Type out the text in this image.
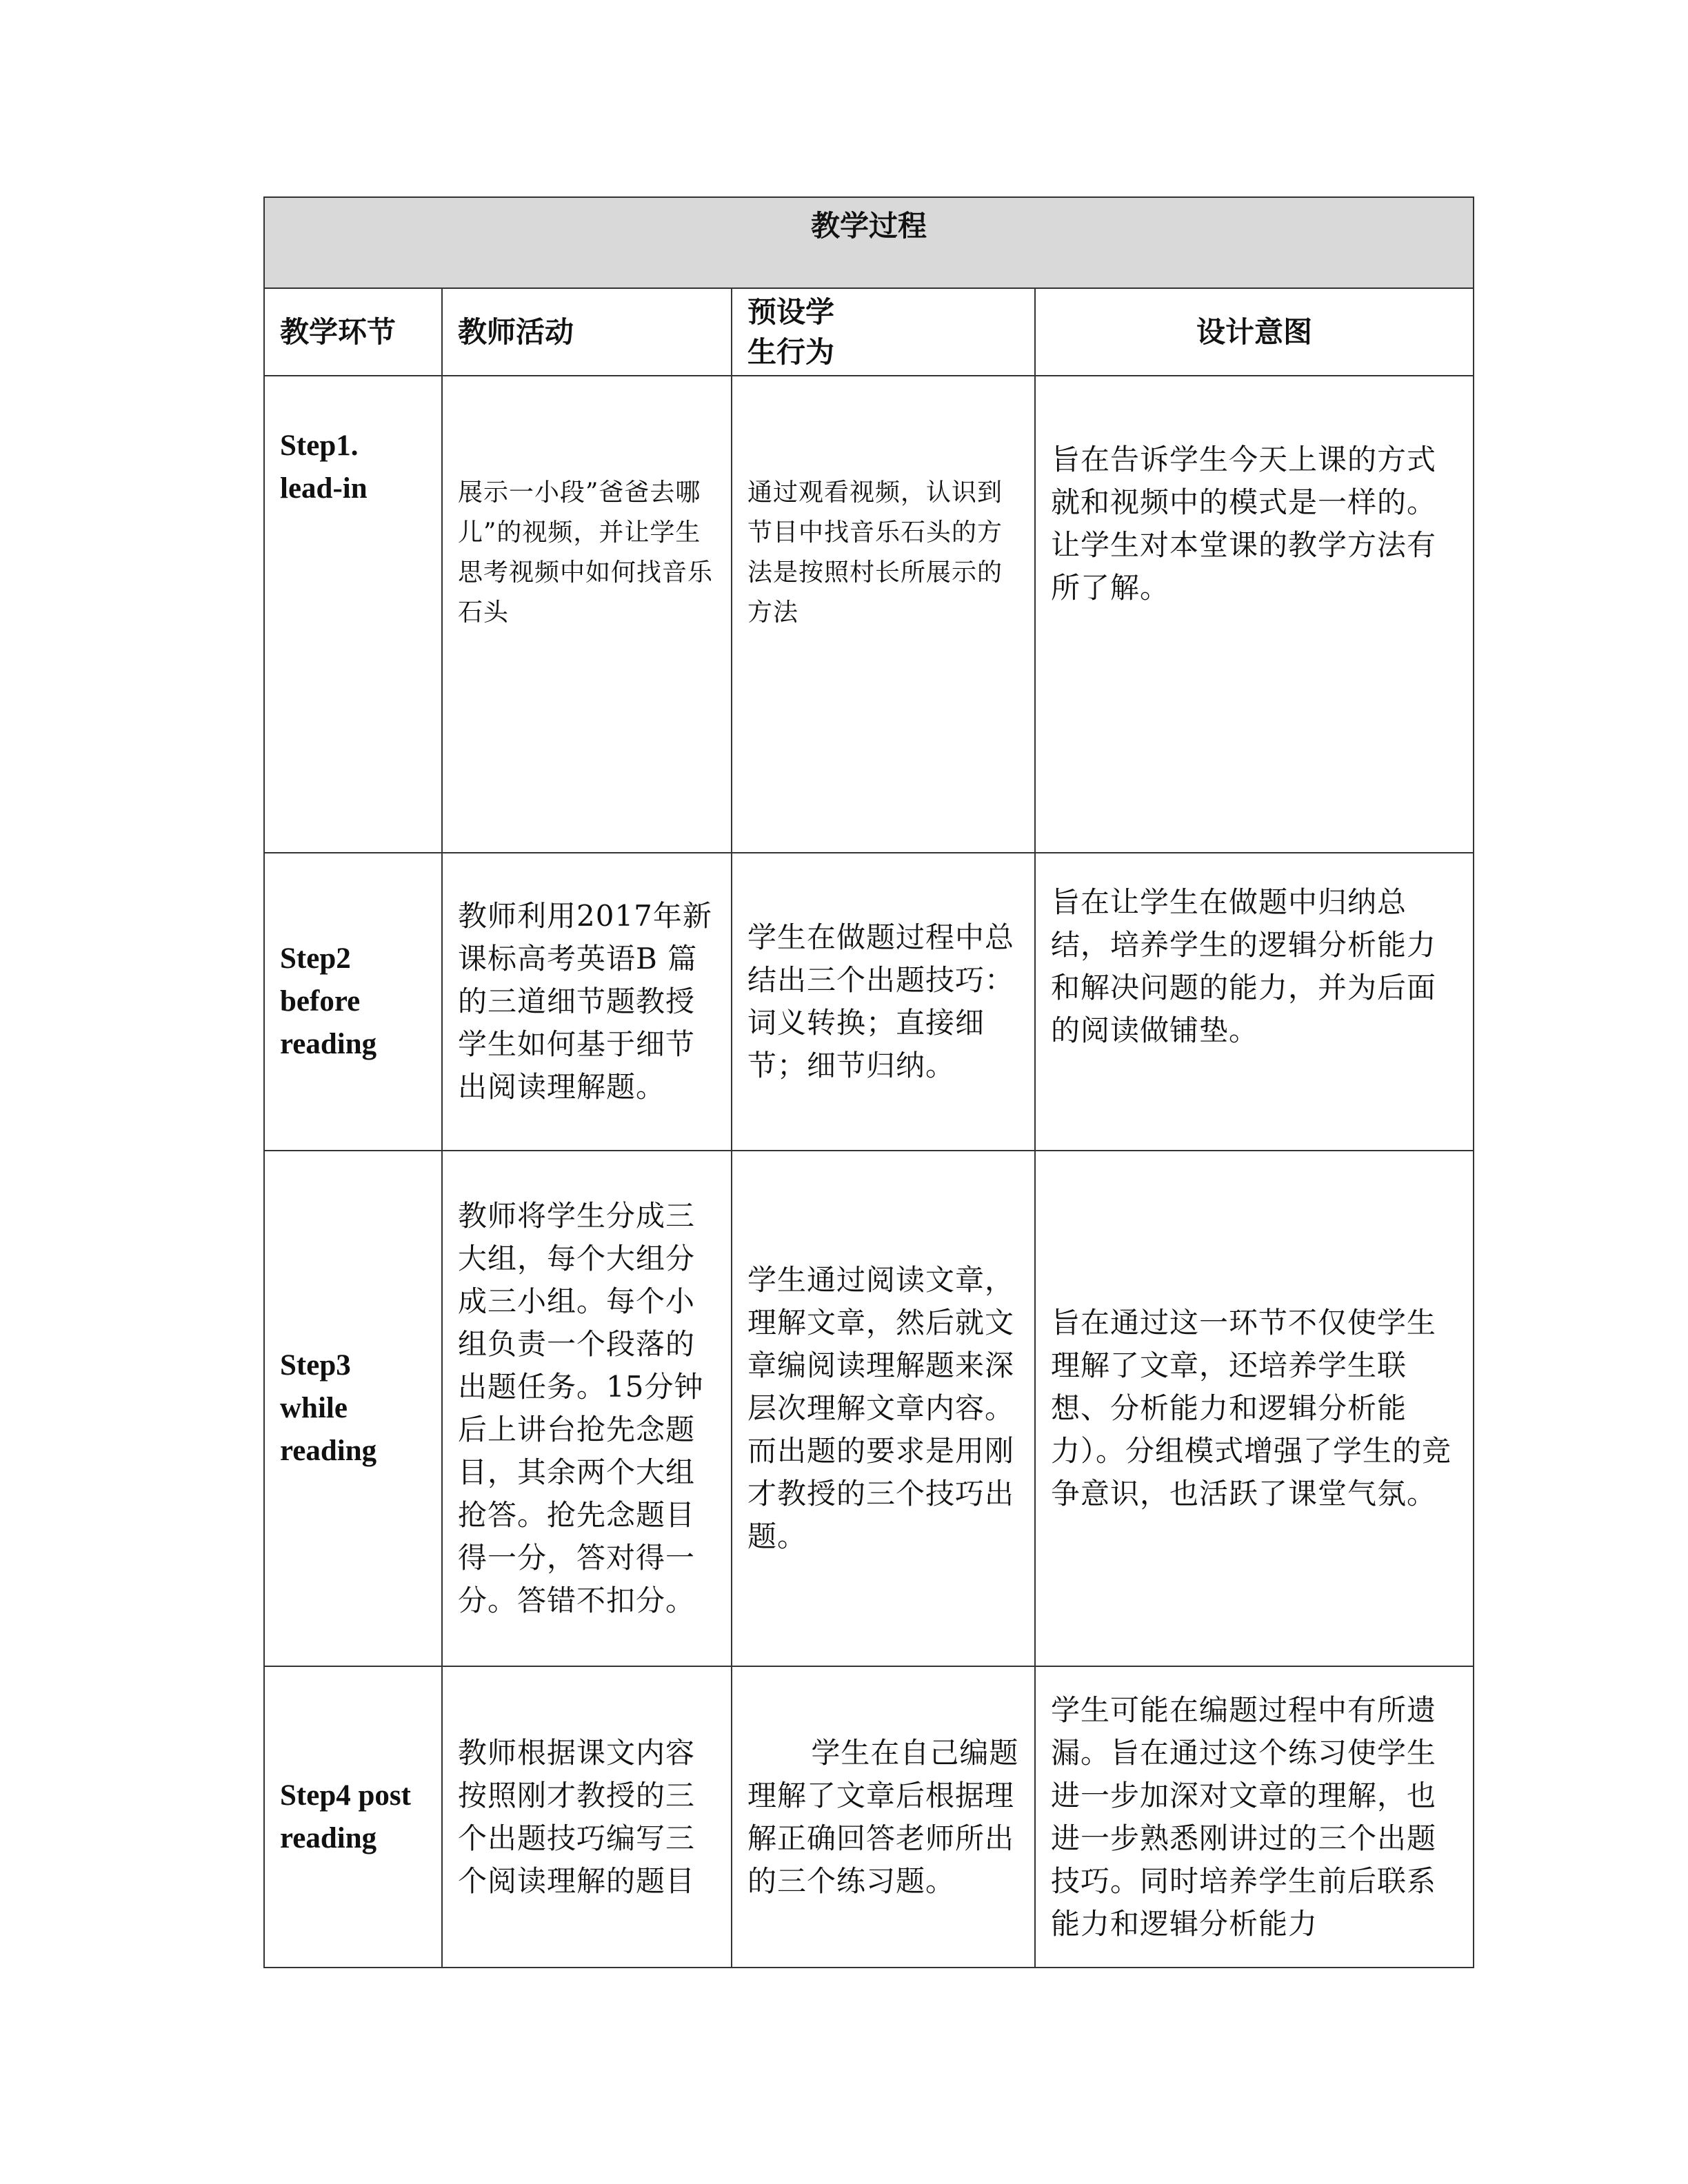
教学过程			
教学环节	教师活动	预设学
生行为	设计意图
Step1.
lead-in	展示一小段”爸爸去哪儿”的视频，并让学生思考视频中如何找音乐石头	通过观看视频，认识到节目中找音乐石头的方法是按照村长所展示的方法	旨在告诉学生今天上课的方式就和视频中的模式是一样的。让学生对本堂课的教学方法有所了解。
Step2
before
reading	教师利用2017年新课标高考英语B 篇的三道细节题教授学生如何基于细节出阅读理解题。	学生在做题过程中总结出三个出题技巧：词义转换；直接细节；细节归纳。	旨在让学生在做题中归纳总结，培养学生的逻辑分析能力和解决问题的能力，并为后面的阅读做铺垫。
Step3
while
reading	教师将学生分成三大组，每个大组分成三小组。每个小组负责一个段落的出题任务。15分钟后上讲台抢先念题目，其余两个大组抢答。抢先念题目得一分，答对得一分。答错不扣分。	学生通过阅读文章，理解文章，然后就文章编阅读理解题来深层次理解文章内容。而出题的要求是用刚才教授的三个技巧出题。	旨在通过这一环节不仅使学生理解了文章，还培养学生联想、分析能力和逻辑分析能力）。分组模式增强了学生的竞争意识，也活跃了课堂气氛。
Step4 post
reading	教师根据课文内容按照刚才教授的三个出题技巧编写三个阅读理解的题目	学生在自己编题理解了文章后根据理解正确回答老师所出的三个练习题。	学生可能在编题过程中有所遗漏。旨在通过这个练习使学生进一步加深对文章的理解，也进一步熟悉刚讲过的三个出题技巧。同时培养学生前后联系能力和逻辑分析能力
